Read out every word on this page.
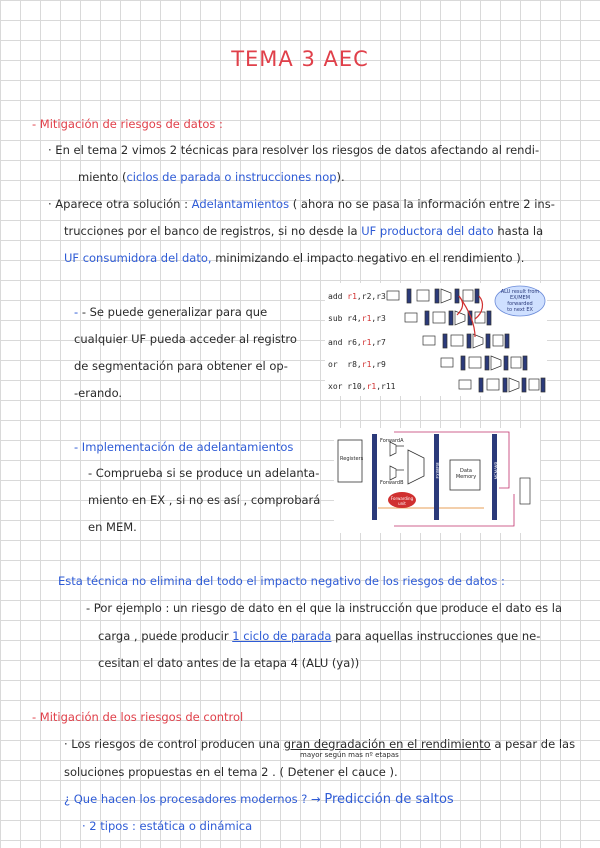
TEMA 3 AEC
- Mitigación de riesgos de datos :
· En el tema 2 vimos 2 técnicas para resolver los riesgos de datos afectando al rendi-
miento (ciclos de parada o instrucciones nop).
· Aparece otra solución : Adelantamientos ( ahora no se pasa la información entre 2 ins-
trucciones por el banco de registros, si no desde la UF productora del dato hasta la
UF consumidora del dato, minimizando el impacto negativo en el rendimiento ).
- - Se puede generalizar para que
cualquier UF pueda acceder al registro
de segmentación para obtener el op-
-erando.
add r1,r2,r3
sub r4,r1,r3
and r6,r1,r7
or r8,r1,r9
xor r10,r1,r11
ALU result from
EX/MEM forwarded
to next EX
- Implementación de adelantamientos
- Comprueba si se produce un adelanta-
miento en EX , si no es así , comprobará
en MEM.
Registers
ForwardA
ForwardB
Data Memory
EX/MEM	MEM/WB
Forwarding unit
Esta técnica no elimina del todo el impacto negativo de los riesgos de datos :
- Por ejemplo : un riesgo de dato en el que la instrucción que produce el dato es la
carga , puede producir 1 ciclo de parada para aquellas instrucciones que ne-
cesitan el dato antes de la etapa 4 (ALU (ya))
- Mitigación de los riesgos de control
· Los riesgos de control producen una gran degradación en el rendimiento a pesar de las
mayor según mas nº etapas
soluciones propuestas en el tema 2 . ( Detener el cauce ).
¿ Que hacen los procesadores modernos ? → Predicción de saltos
· 2 tipos : estática o dinámica
